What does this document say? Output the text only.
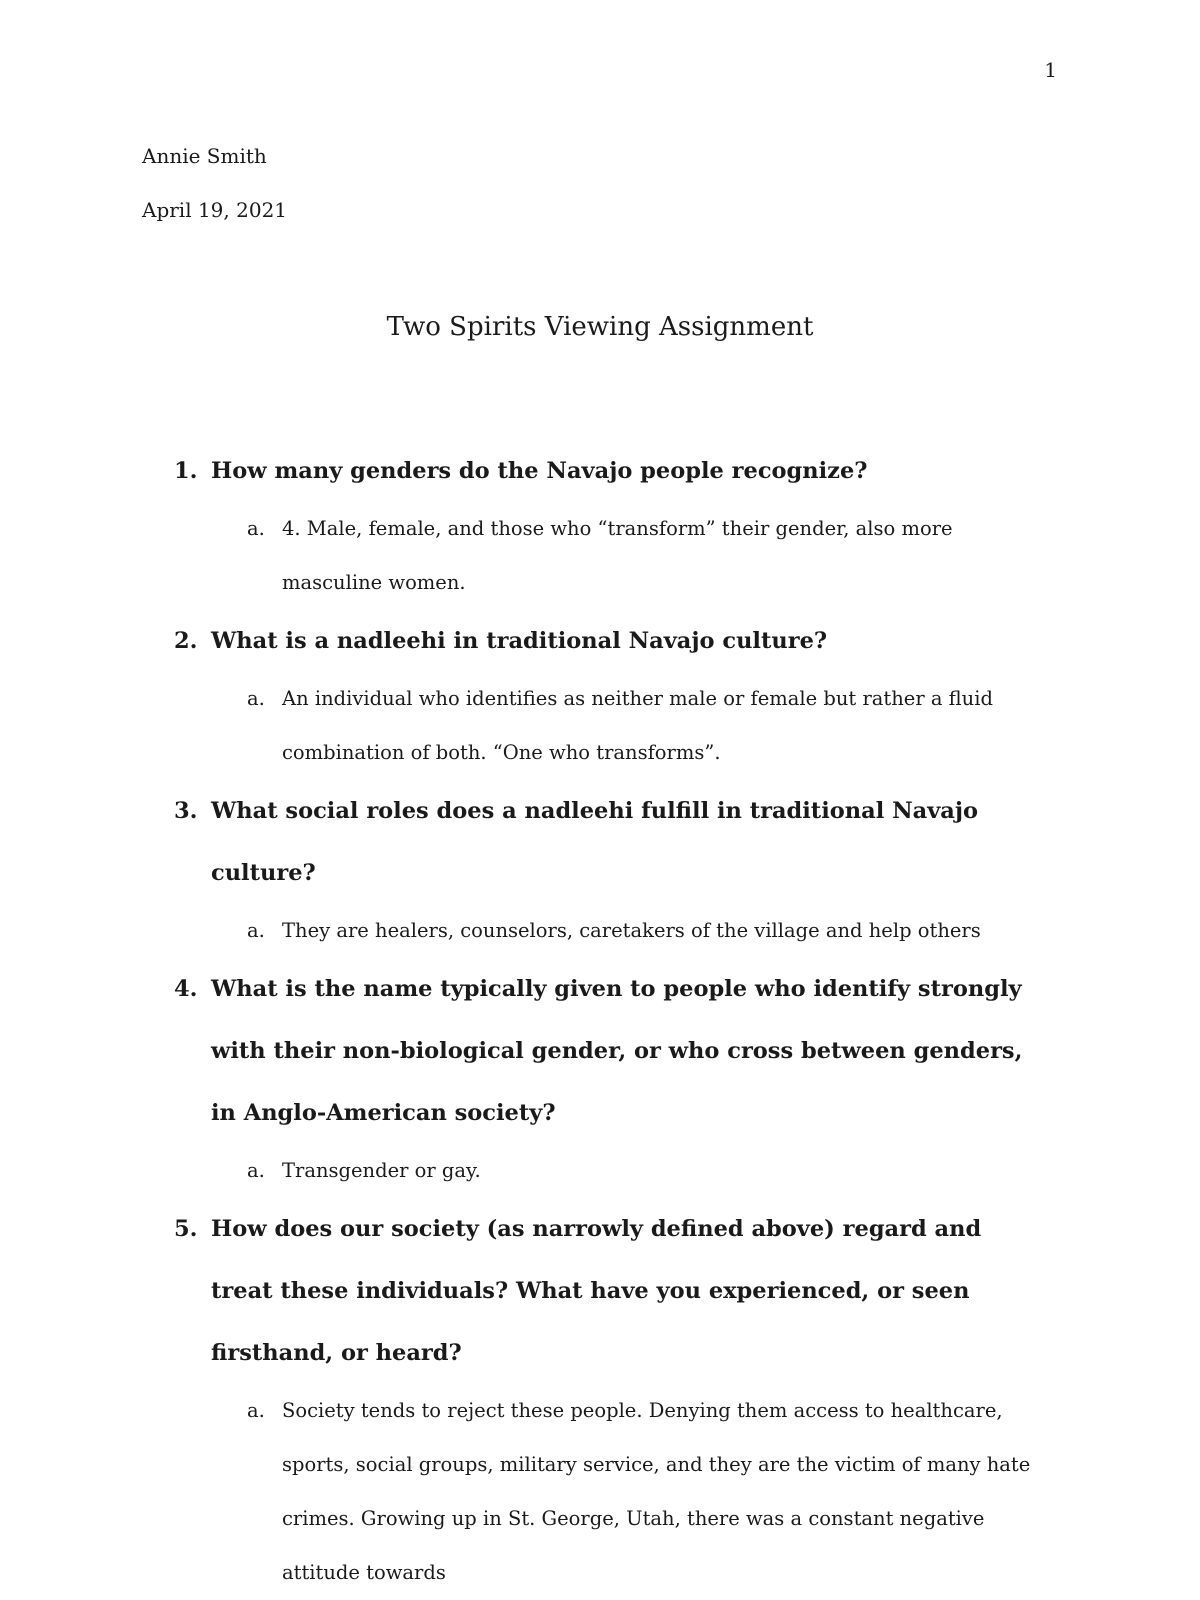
1
Annie Smith
April 19, 2021
Two Spirits Viewing Assignment
1. How many genders do the Navajo people recognize?
a. 4. Male, female, and those who “transform” their gender, also more masculine women.
2. What is a nadleehi in traditional Navajo culture?
a. An individual who identifies as neither male or female but rather a fluid combination of both. “One who transforms”.
3. What social roles does a nadleehi fulfill in traditional Navajo culture?
a. They are healers, counselors, caretakers of the village and help others
4. What is the name typically given to people who identify strongly with their non-biological gender, or who cross between genders, in Anglo-American society?
a. Transgender or gay.
5. How does our society (as narrowly defined above) regard and treat these individuals? What have you experienced, or seen firsthand, or heard?
a. Society tends to reject these people. Denying them access to healthcare, sports, social groups, military service, and they are the victim of many hate crimes. Growing up in St. George, Utah, there was a constant negative attitude towards
